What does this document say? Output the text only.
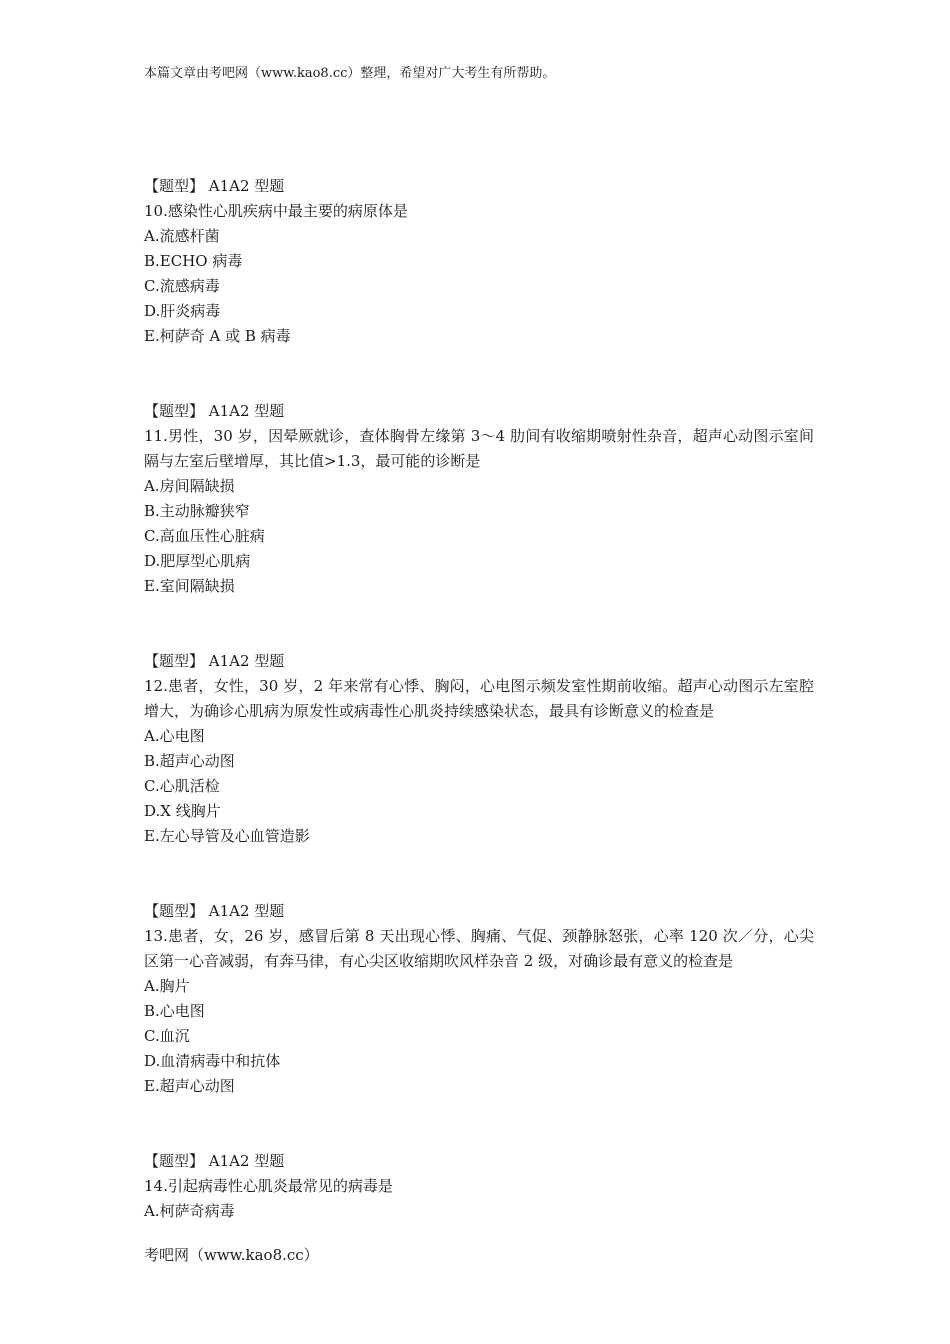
本篇文章由考吧网（www.kao8.cc）整理，希望对广大考生有所帮助。
【题型】 A1A2 型题
10.感染性心肌疾病中最主要的病原体是
A.流感杆菌
B.ECHO 病毒
C.流感病毒
D.肝炎病毒
E.柯萨奇 A 或 B 病毒
【题型】 A1A2 型题
11.男性，30 岁，因晕厥就诊，查体胸骨左缘第 3～4 肋间有收缩期喷射性杂音，超声心动图示室间隔与左室后壁增厚，其比值>1.3，最可能的诊断是
A.房间隔缺损
B.主动脉瓣狭窄
C.高血压性心脏病
D.肥厚型心肌病
E.室间隔缺损
【题型】 A1A2 型题
12.患者，女性，30 岁，2 年来常有心悸、胸闷，心电图示频发室性期前收缩。超声心动图示左室腔增大，为确诊心肌病为原发性或病毒性心肌炎持续感染状态，最具有诊断意义的检查是
A.心电图
B.超声心动图
C.心肌活检
D.X 线胸片
E.左心导管及心血管造影
【题型】 A1A2 型题
13.患者，女，26 岁，感冒后第 8 天出现心悸、胸痛、气促、颈静脉怒张，心率 120 次／分，心尖区第一心音减弱，有奔马律，有心尖区收缩期吹风样杂音 2 级，对确诊最有意义的检查是
A.胸片
B.心电图
C.血沉
D.血清病毒中和抗体
E.超声心动图
【题型】 A1A2 型题
14.引起病毒性心肌炎最常见的病毒是
A.柯萨奇病毒
考吧网（www.kao8.cc）
